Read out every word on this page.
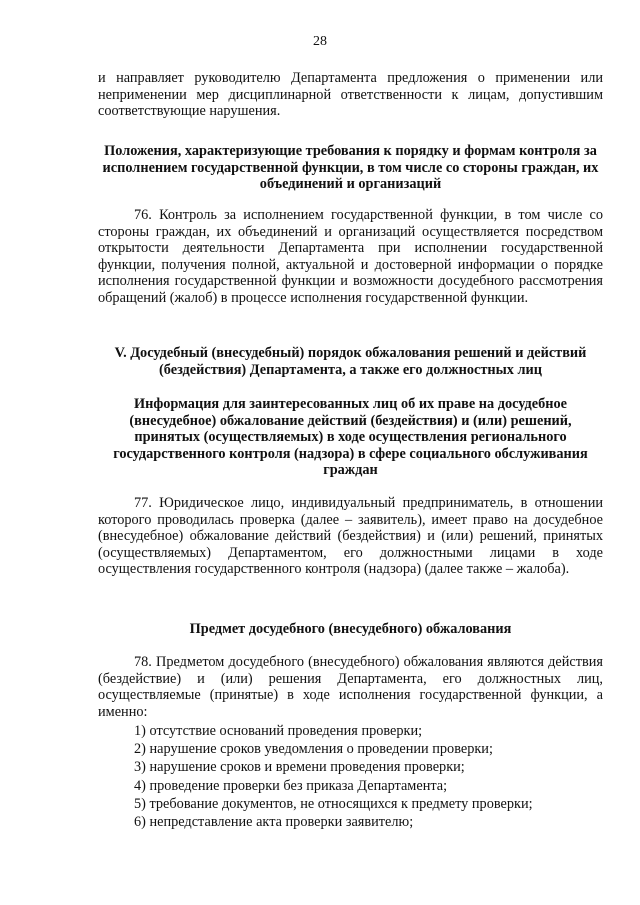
28

и направляет руководителю Департамента предложения о применении или неприменении мер дисциплинарной ответственности к лицам, допустившим соответствующие нарушения.

Положения, характеризующие требования к порядку и формам контроля за исполнением государственной функции, в том числе со стороны граждан, их объединений и организаций

76. Контроль за исполнением государственной функции, в том числе со стороны граждан, их объединений и организаций осуществляется посредством открытости деятельности Департамента при исполнении государственной функции, получения полной, актуальной и достоверной информации о порядке исполнения государственной функции и возможности досудебного рассмотрения обращений (жалоб) в процессе исполнения государственной функции.

V. Досудебный (внесудебный) порядок обжалования решений и действий (бездействия) Департамента, а также его должностных лиц
Информация для заинтересованных лиц об их праве на досудебное (внесудебное) обжалование действий (бездействия) и (или) решений, принятых (осуществляемых) в ходе осуществления регионального государственного контроля (надзора) в сфере социального обслуживания граждан

77. Юридическое лицо, индивидуальный предприниматель, в отношении которого проводилась проверка (далее – заявитель), имеет право на досудебное (внесудебное) обжалование действий (бездействия) и (или) решений, принятых (осуществляемых) Департаментом, его должностными лицами в ходе осуществления государственного контроля (надзора) (далее также – жалоба).

Предмет досудебного (внесудебного) обжалования

78. Предметом досудебного (внесудебного) обжалования являются действия (бездействие) и (или) решения Департамента, его должностных лиц, осуществляемые (принятые) в ходе исполнения государственной функции, а именно:

1) отсутствие оснований проведения проверки;
2) нарушение сроков уведомления о проведении проверки;
3) нарушение сроков и времени проведения проверки;
4) проведение проверки без приказа Департамента;
5) требование документов, не относящихся к предмету проверки;
6) непредставление акта проверки заявителю;
